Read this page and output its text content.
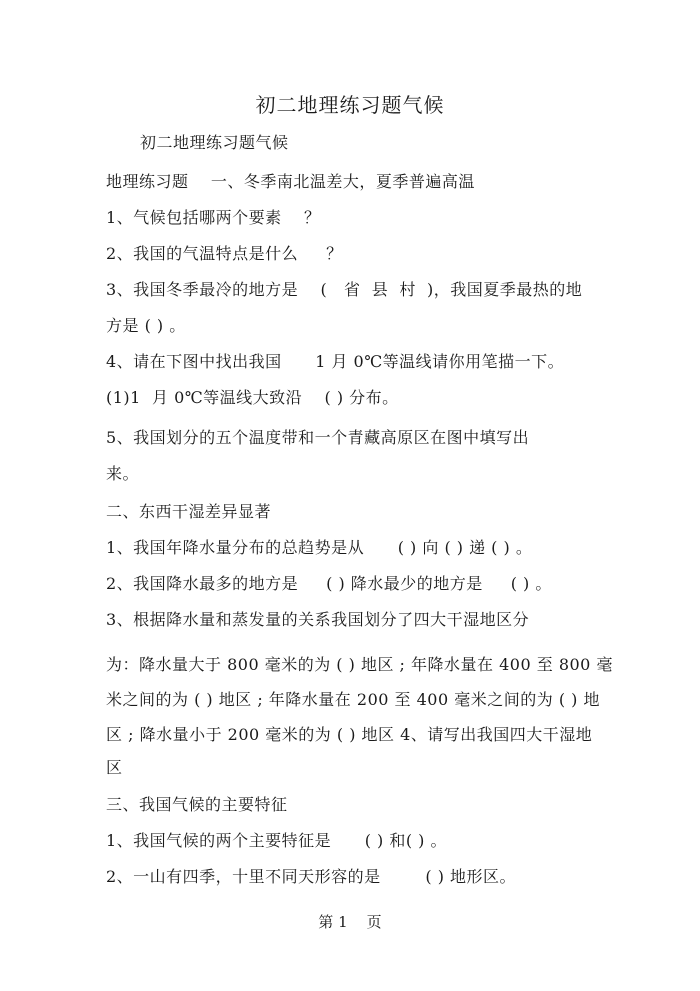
初二地理练习题气候
初二地理练习题气候
地理练习题    一、冬季南北温差大，夏季普遍高温
1、气候包括哪两个要素    ？
2、我国的气温特点是什么     ？
3、我国冬季最冷的地方是    (   省  县  村  )，我国夏季最热的地
方是 ( ) 。
4、请在下图中找出我国      1 月 0℃等温线请你用笔描一下。
(1)1  月 0℃等温线大致沿    ( ) 分布。
5、我国划分的五个温度带和一个青藏高原区在图中填写出
来。
二、东西干湿差异显著
1、我国年降水量分布的总趋势是从      ( ) 向 ( ) 递 ( ) 。
2、我国降水最多的地方是     ( ) 降水最少的地方是     ( ) 。
3、根据降水量和蒸发量的关系我国划分了四大干湿地区分
为：降水量大于 800 毫米的为 ( ) 地区 ; 年降水量在 400 至 800 毫
米之间的为 ( ) 地区 ; 年降水量在 200 至 400 毫米之间的为 ( ) 地
区 ; 降水量小于 200 毫米的为 ( ) 地区 4、请写出我国四大干湿地
区
三、我国气候的主要特征
1、我国气候的两个主要特征是      ( ) 和( ) 。
2、一山有四季，十里不同天形容的是        ( ) 地形区。
第 1    页
